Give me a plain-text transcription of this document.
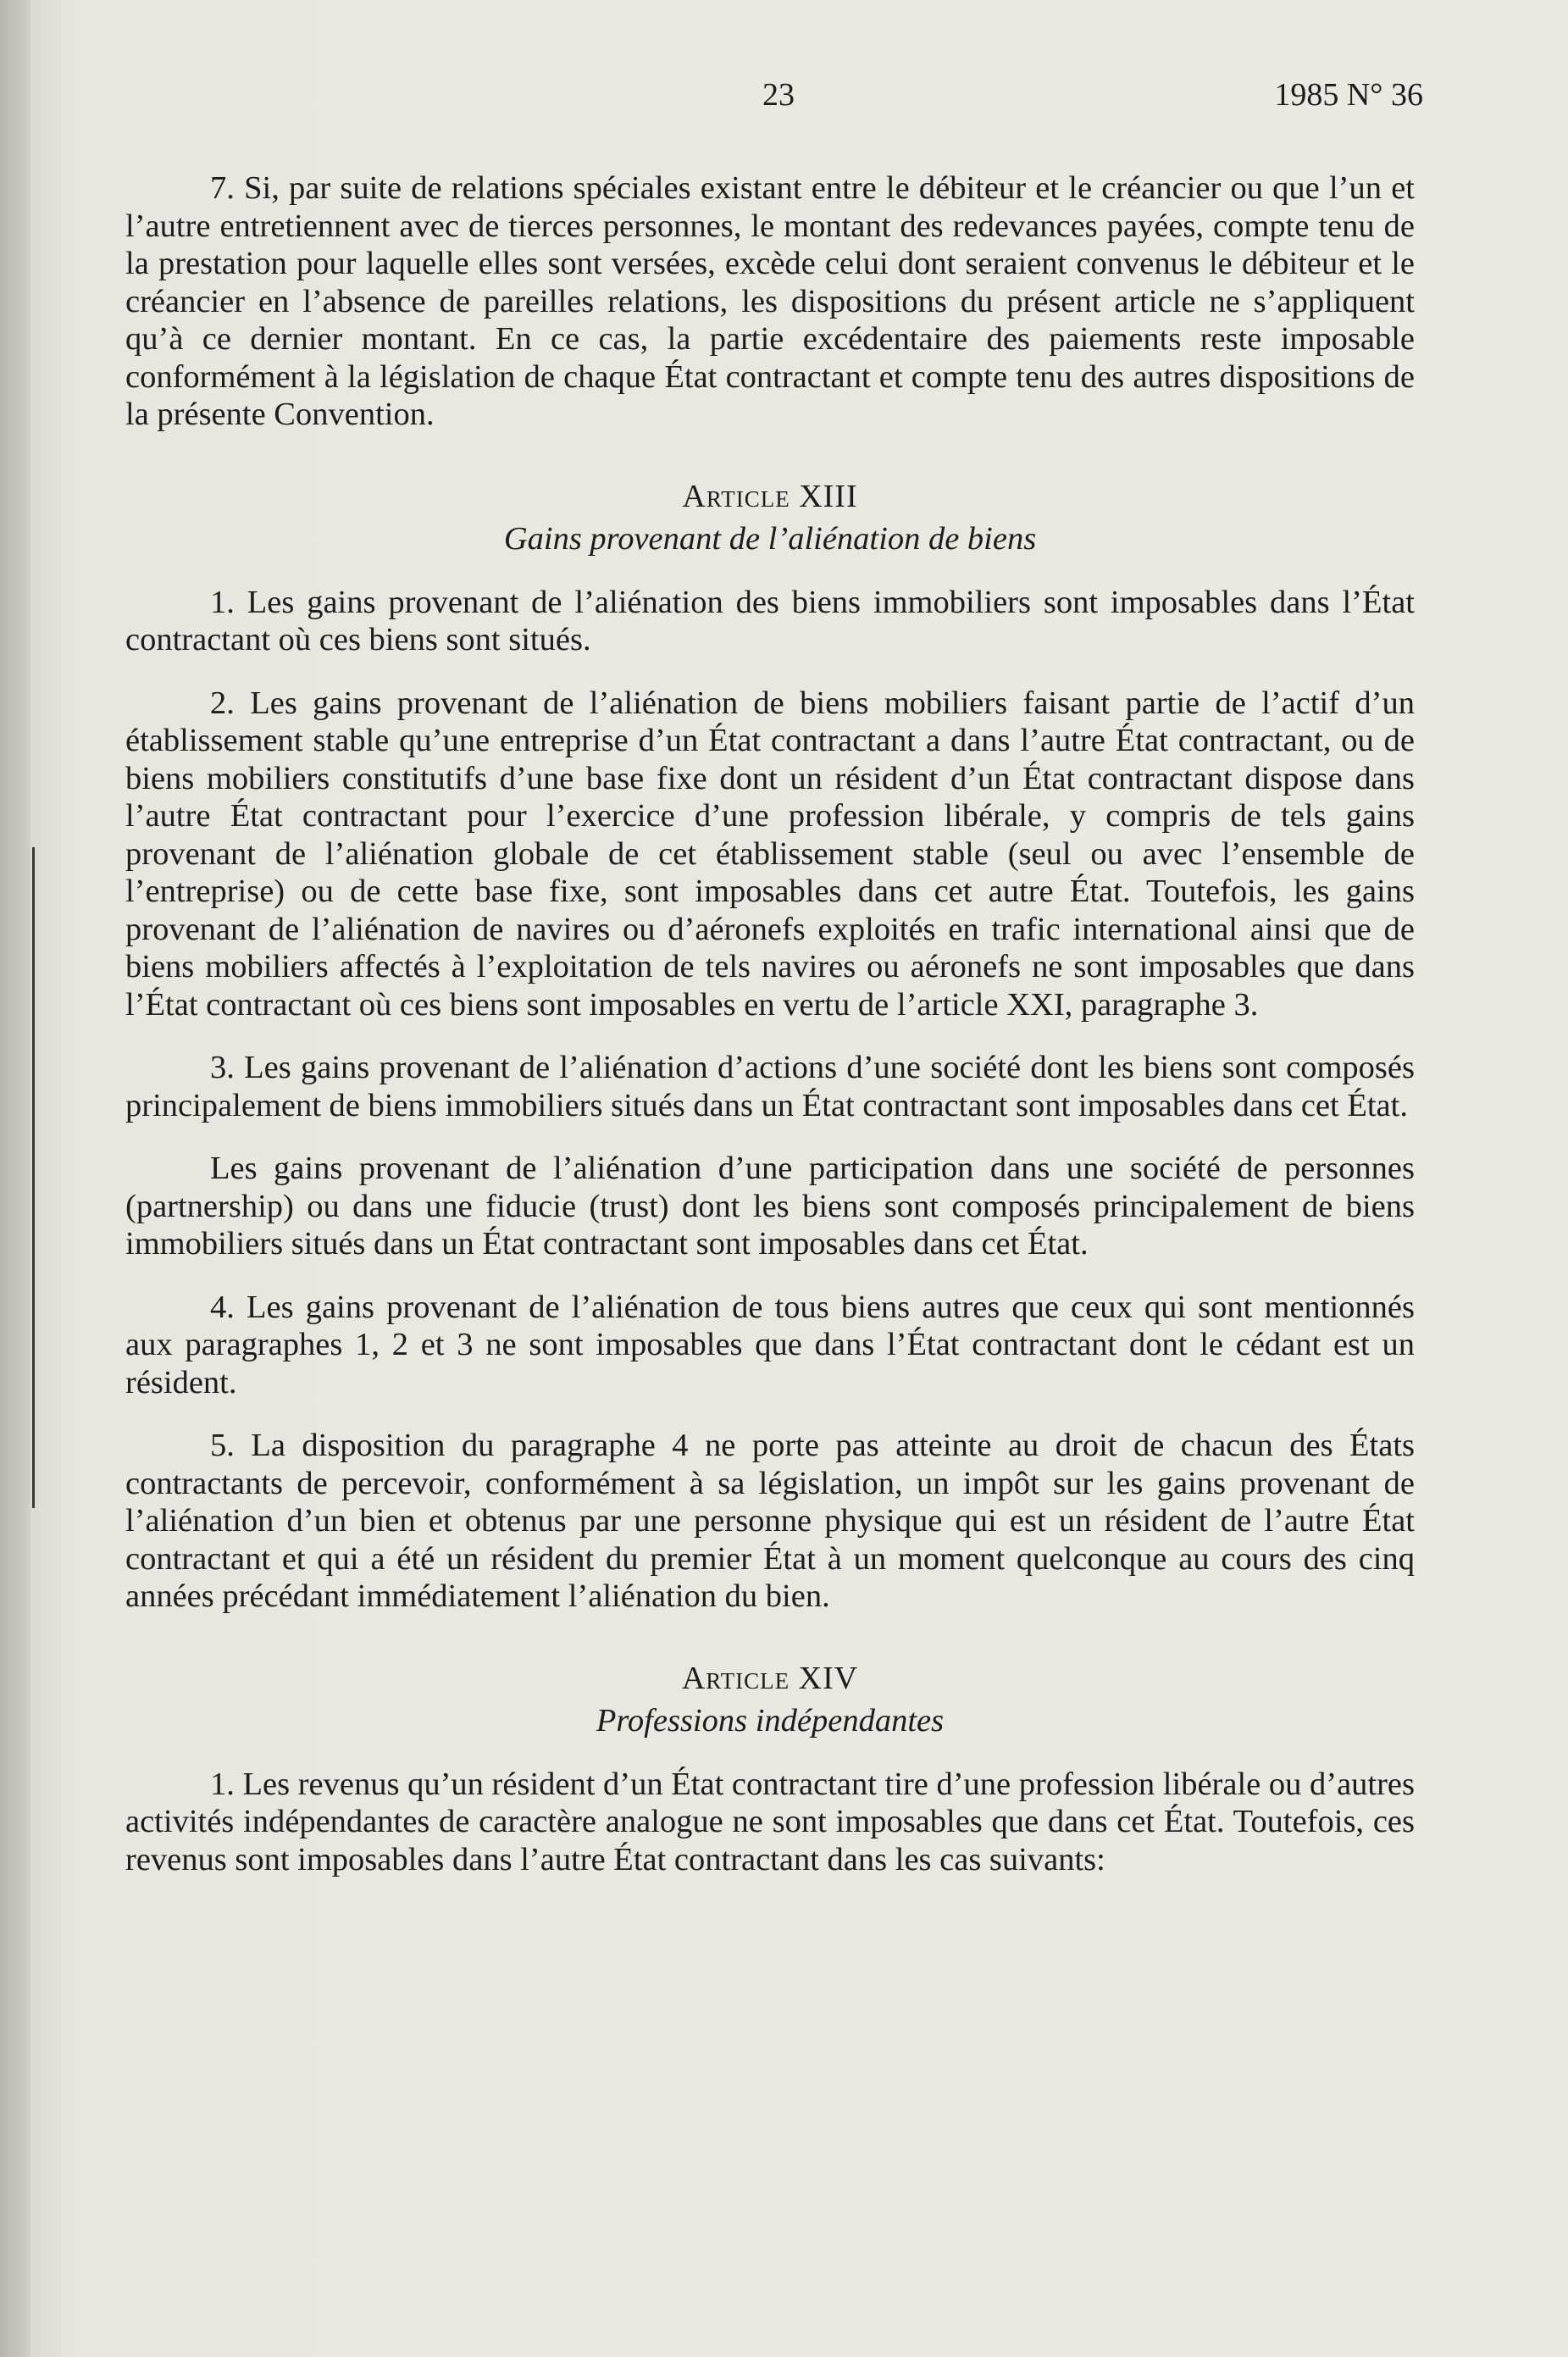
23	1985 N° 36

7. Si, par suite de relations spéciales existant entre le débiteur et le créancier ou que l’un et l’autre entretiennent avec de tierces personnes, le montant des redevances payées, compte tenu de la prestation pour laquelle elles sont versées, excède celui dont seraient convenus le débiteur et le créancier en l’absence de pareilles relations, les dispositions du présent article ne s’appliquent qu’à ce dernier montant. En ce cas, la partie excédentaire des paiements reste imposable conformément à la législation de chaque État contractant et compte tenu des autres dispositions de la présente Convention.

Article XIII
Gains provenant de l’aliénation de biens

1. Les gains provenant de l’aliénation des biens immobiliers sont imposables dans l’État contractant où ces biens sont situés.

2. Les gains provenant de l’aliénation de biens mobiliers faisant partie de l’actif d’un établissement stable qu’une entreprise d’un État contractant a dans l’autre État contractant, ou de biens mobiliers constitutifs d’une base fixe dont un résident d’un État contractant dispose dans l’autre État contractant pour l’exercice d’une profession libérale, y compris de tels gains provenant de l’aliénation globale de cet établissement stable (seul ou avec l’ensemble de l’entreprise) ou de cette base fixe, sont imposables dans cet autre État. Toutefois, les gains provenant de l’aliénation de navires ou d’aéronefs exploités en trafic international ainsi que de biens mobiliers affectés à l’exploitation de tels navires ou aéronefs ne sont imposables que dans l’État contractant où ces biens sont imposables en vertu de l’article XXI, paragraphe 3.

3. Les gains provenant de l’aliénation d’actions d’une société dont les biens sont composés principalement de biens immobiliers situés dans un État contractant sont imposables dans cet État.

Les gains provenant de l’aliénation d’une participation dans une société de personnes (partnership) ou dans une fiducie (trust) dont les biens sont composés principalement de biens immobiliers situés dans un État contractant sont imposables dans cet État.

4. Les gains provenant de l’aliénation de tous biens autres que ceux qui sont mentionnés aux paragraphes 1, 2 et 3 ne sont imposables que dans l’État contractant dont le cédant est un résident.

5. La disposition du paragraphe 4 ne porte pas atteinte au droit de chacun des États contractants de percevoir, conformément à sa législation, un impôt sur les gains provenant de l’aliénation d’un bien et obtenus par une personne physique qui est un résident de l’autre État contractant et qui a été un résident du premier État à un moment quelconque au cours des cinq années précédant immédiatement l’aliénation du bien.

Article XIV
Professions indépendantes

1. Les revenus qu’un résident d’un État contractant tire d’une profession libérale ou d’autres activités indépendantes de caractère analogue ne sont imposables que dans cet État. Toutefois, ces revenus sont imposables dans l’autre État contractant dans les cas suivants:
